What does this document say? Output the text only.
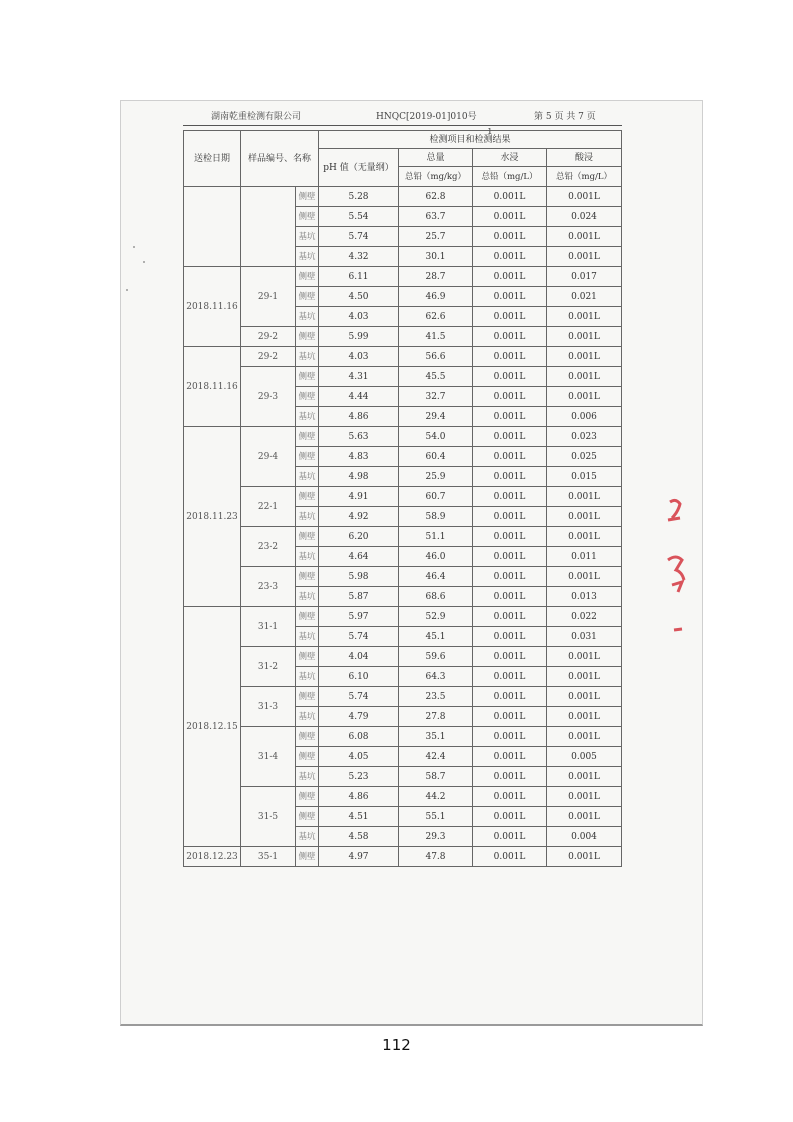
湖南乾重检测有限公司	HNQC[2019-01]010号	第 5 页 共 7 页
送检日期	样品编号、名称		检测项目和检测结果			
			pH 值（无量纲）	总量	水浸	酸浸
				总铅（mg/kg）	总铅（mg/L）	总铅（mg/L）
		侧壁	5.28	62.8	0.001L	0.001L
		侧壁	5.54	63.7	0.001L	0.024
		基坑	5.74	25.7	0.001L	0.001L
		基坑	4.32	30.1	0.001L	0.001L
2018.11.16	29-1	侧壁	6.11	28.7	0.001L	0.017
		侧壁	4.50	46.9	0.001L	0.021
		基坑	4.03	62.6	0.001L	0.001L
	29-2	侧壁	5.99	41.5	0.001L	0.001L
2018.11.16	29-2	基坑	4.03	56.6	0.001L	0.001L
	29-3	侧壁	4.31	45.5	0.001L	0.001L
		侧壁	4.44	32.7	0.001L	0.001L
		基坑	4.86	29.4	0.001L	0.006
2018.11.23	29-4	侧壁	5.63	54.0	0.001L	0.023
		侧壁	4.83	60.4	0.001L	0.025
		基坑	4.98	25.9	0.001L	0.015
	22-1	侧壁	4.91	60.7	0.001L	0.001L
		基坑	4.92	58.9	0.001L	0.001L
	23-2	侧壁	6.20	51.1	0.001L	0.001L
		基坑	4.64	46.0	0.001L	0.011
	23-3	侧壁	5.98	46.4	0.001L	0.001L
		基坑	5.87	68.6	0.001L	0.013
2018.12.15	31-1	侧壁	5.97	52.9	0.001L	0.022
		基坑	5.74	45.1	0.001L	0.031
	31-2	侧壁	4.04	59.6	0.001L	0.001L
		基坑	6.10	64.3	0.001L	0.001L
	31-3	侧壁	5.74	23.5	0.001L	0.001L
		基坑	4.79	27.8	0.001L	0.001L
	31-4	侧壁	6.08	35.1	0.001L	0.001L
		侧壁	4.05	42.4	0.001L	0.005
		基坑	5.23	58.7	0.001L	0.001L
	31-5	侧壁	4.86	44.2	0.001L	0.001L
		侧壁	4.51	55.1	0.001L	0.001L
		基坑	4.58	29.3	0.001L	0.004
2018.12.23	35-1	侧壁	4.97	47.8	0.001L	0.001L
ı
112
